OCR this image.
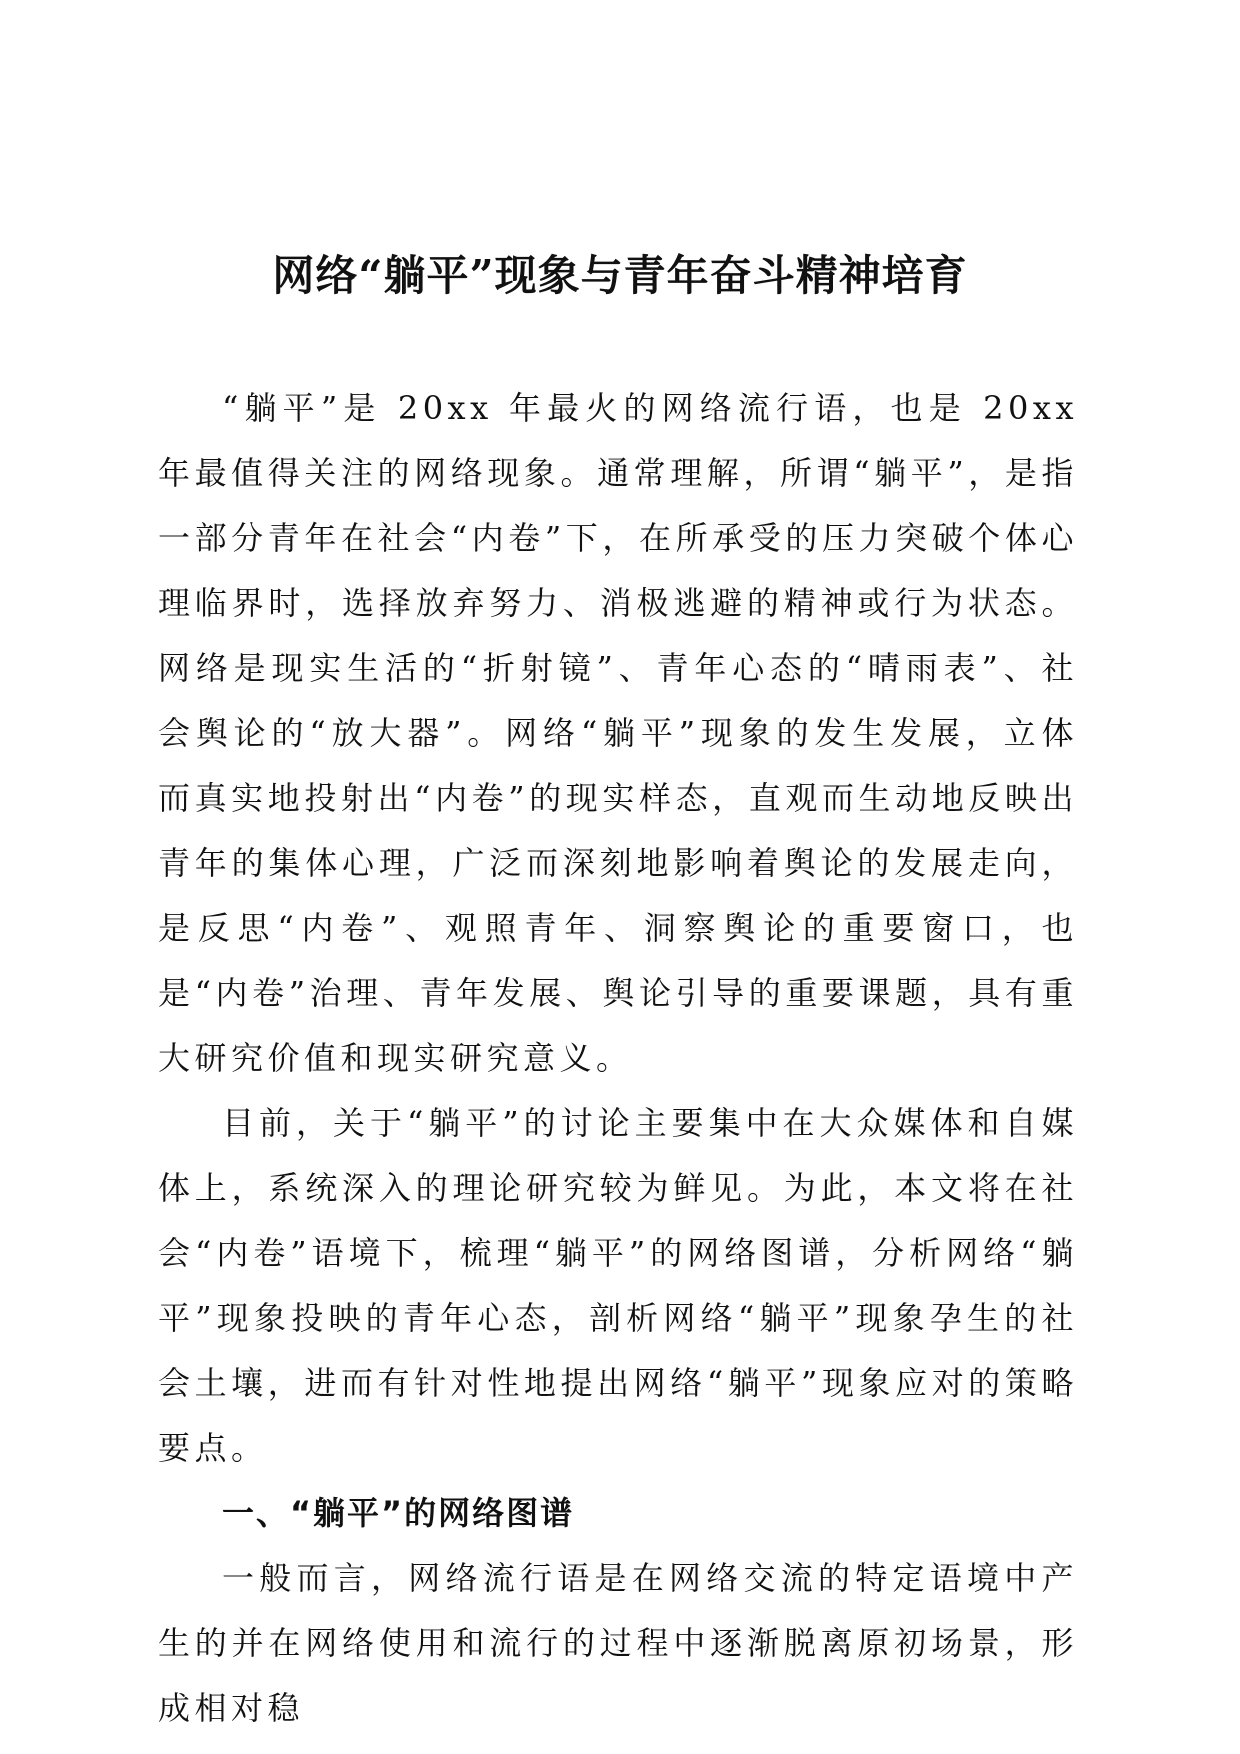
网络“躺平”现象与青年奋斗精神培育

“躺平”是 20xx 年最火的网络流行语，也是 20xx 年最值得关注的网络现象。通常理解，所谓“躺平”，是指一部分青年在社会“内卷”下，在所承受的压力突破个体心理临界时，选择放弃努力、消极逃避的精神或行为状态。网络是现实生活的“折射镜”、青年心态的“晴雨表”、社会舆论的“放大器”。网络“躺平”现象的发生发展，立体而真实地投射出“内卷”的现实样态，直观而生动地反映出青年的集体心理，广泛而深刻地影响着舆论的发展走向，是反思“内卷”、观照青年、洞察舆论的重要窗口，也是“内卷”治理、青年发展、舆论引导的重要课题，具有重大研究价值和现实研究意义。

目前，关于“躺平”的讨论主要集中在大众媒体和自媒体上，系统深入的理论研究较为鲜见。为此，本文将在社会“内卷”语境下，梳理“躺平”的网络图谱，分析网络“躺平”现象投映的青年心态，剖析网络“躺平”现象孕生的社会土壤，进而有针对性地提出网络“躺平”现象应对的策略要点。

一、“躺平”的网络图谱

一般而言，网络流行语是在网络交流的特定语境中产生的并在网络使用和流行的过程中逐渐脱离原初场景，形成相对稳
